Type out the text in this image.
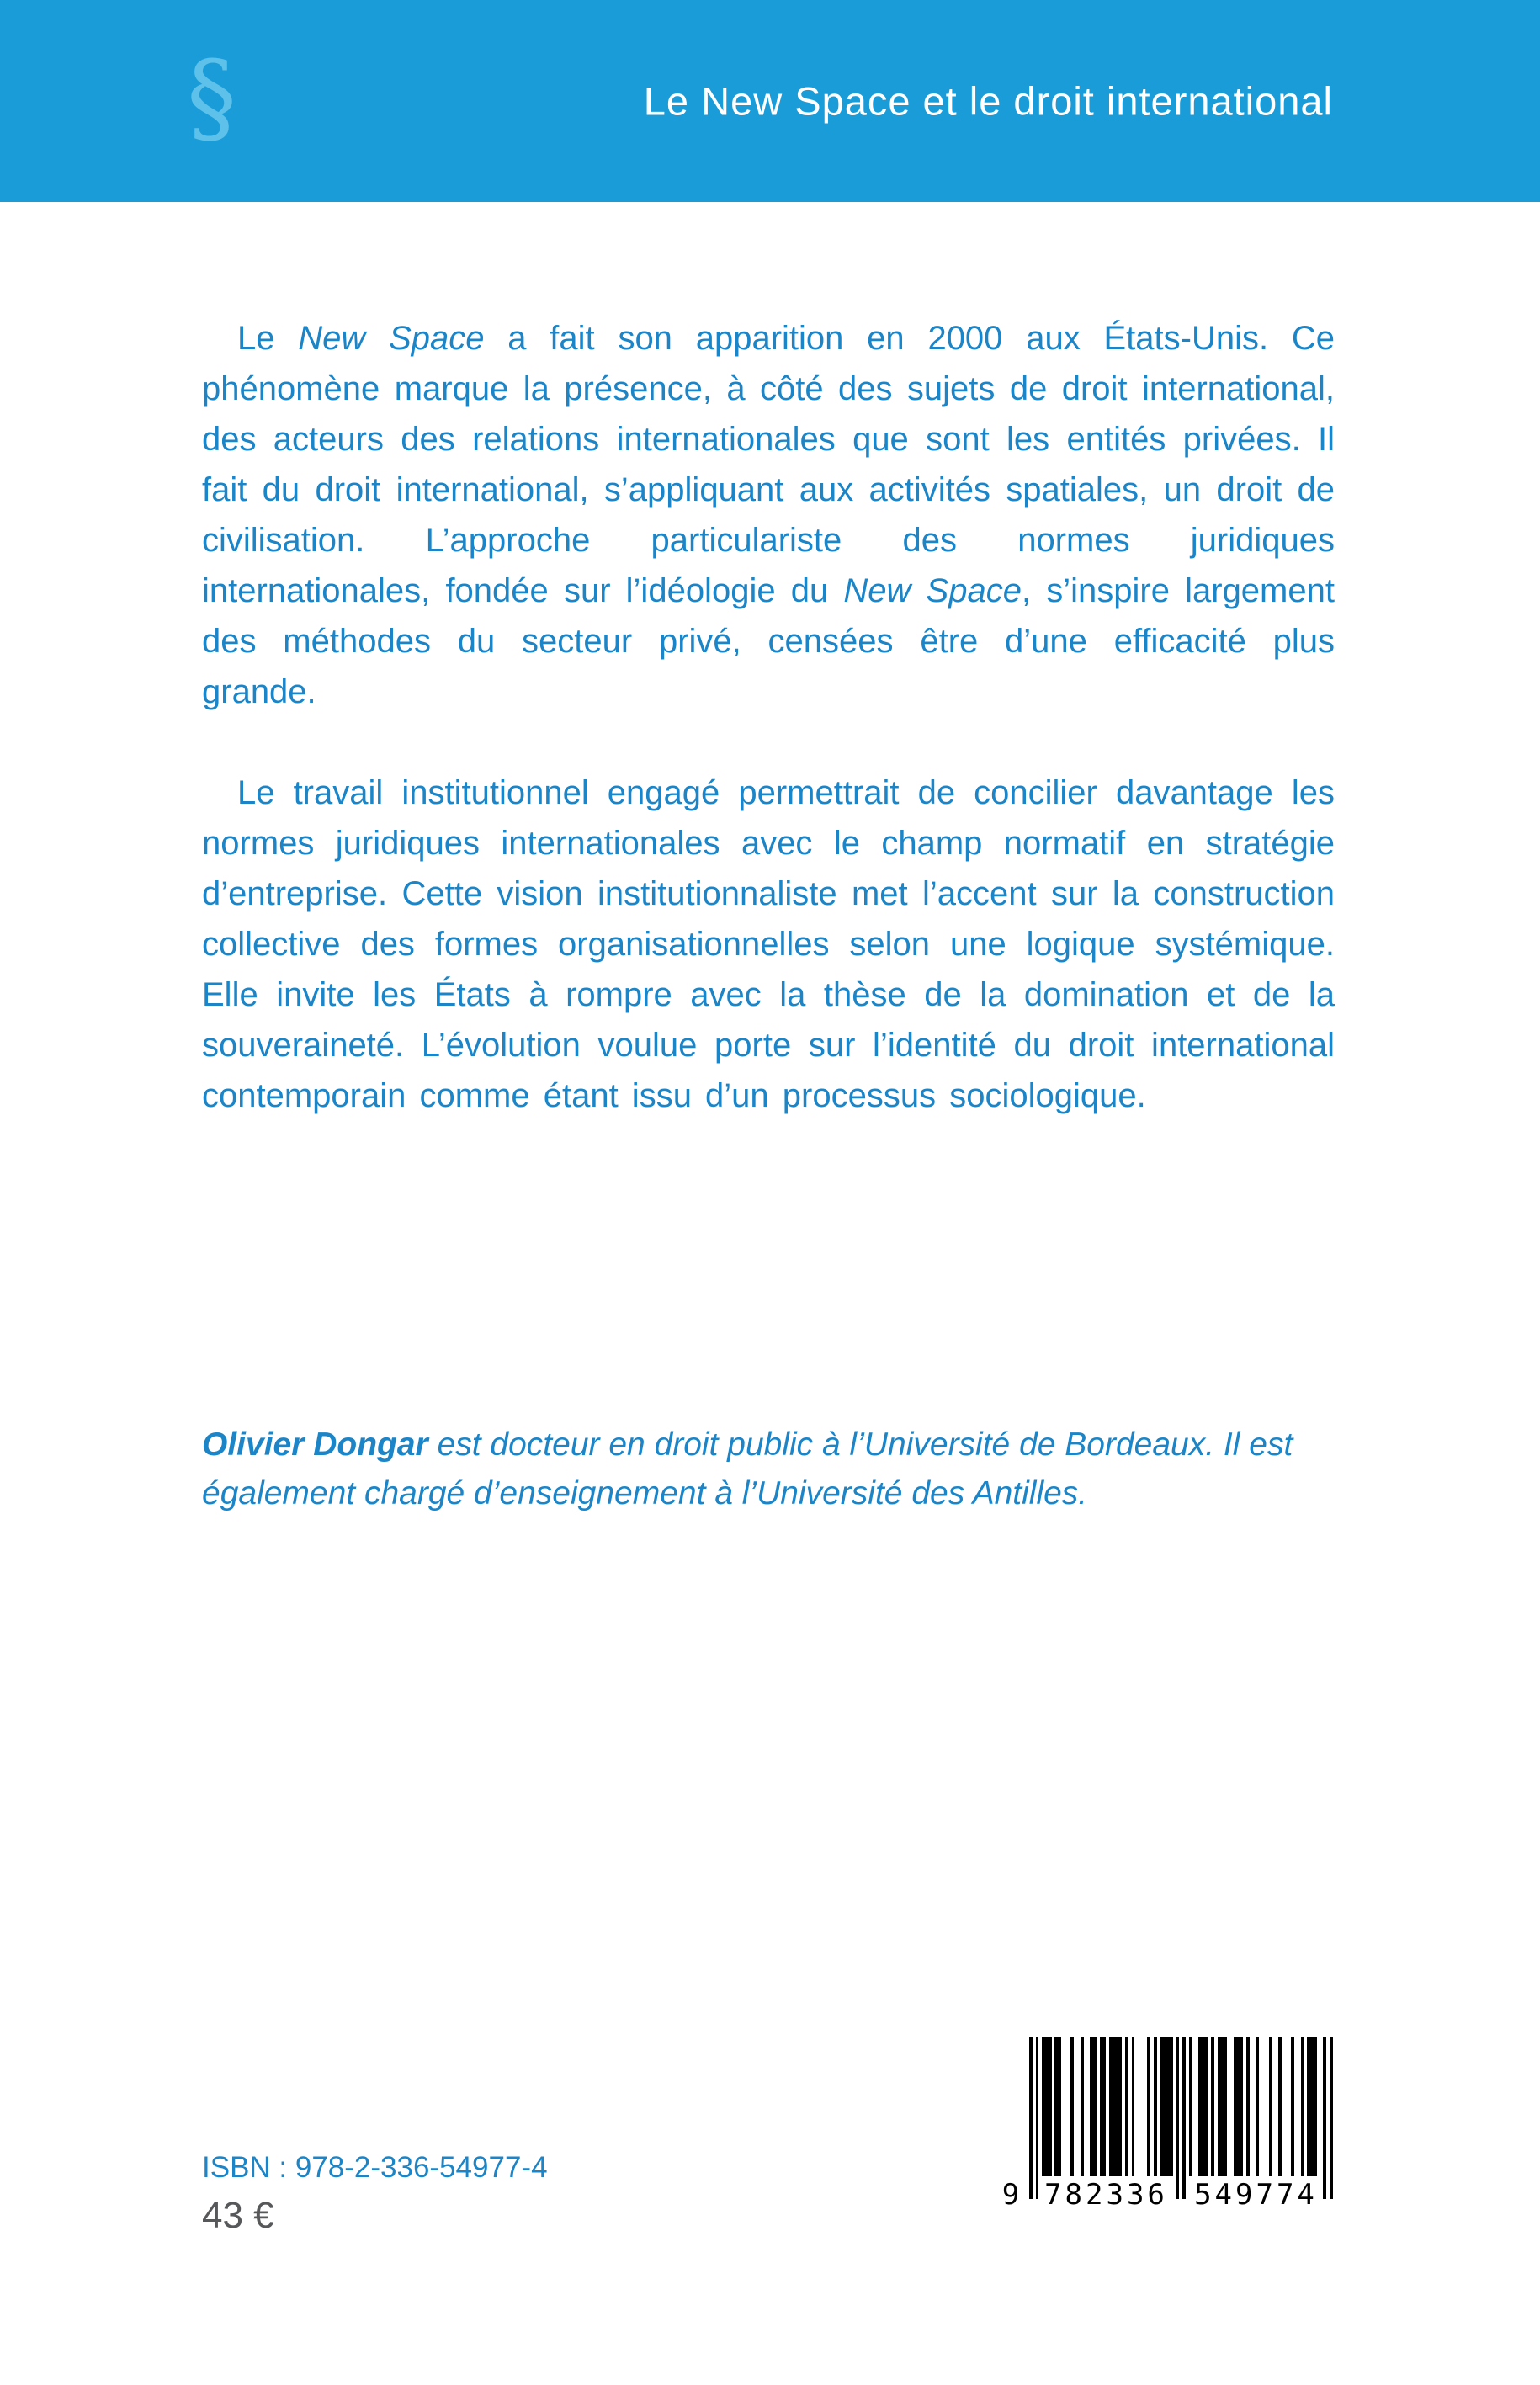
§	Le New Space et le droit international

Le New Space a fait son apparition en 2000 aux États-Unis. Ce phénomène marque la présence, à côté des sujets de droit international, des acteurs des relations internationales que sont les entités privées. Il fait du droit international, s’appliquant aux activités spatiales, un droit de civilisation. L’approche particulariste des normes juridiques internationales, fondée sur l’idéologie du New Space, s’inspire largement des méthodes du secteur privé, censées être d’une efficacité plus grande.

Le travail institutionnel engagé permettrait de concilier davantage les normes juridiques internationales avec le champ normatif en stratégie d’entreprise. Cette vision institutionnaliste met l’accent sur la construction collective des formes organisationnelles selon une logique systémique. Elle invite les États à rompre avec la thèse de la domination et de la souveraineté. L’évolution voulue porte sur l’identité du droit international contemporain comme étant issu d’un processus sociologique.

Olivier Dongar est docteur en droit public à l’Université de Bordeaux. Il est également chargé d’enseignement à l’Université des Antilles.

ISBN : 978-2-336-54977-4
43 €	9 782336 549774
